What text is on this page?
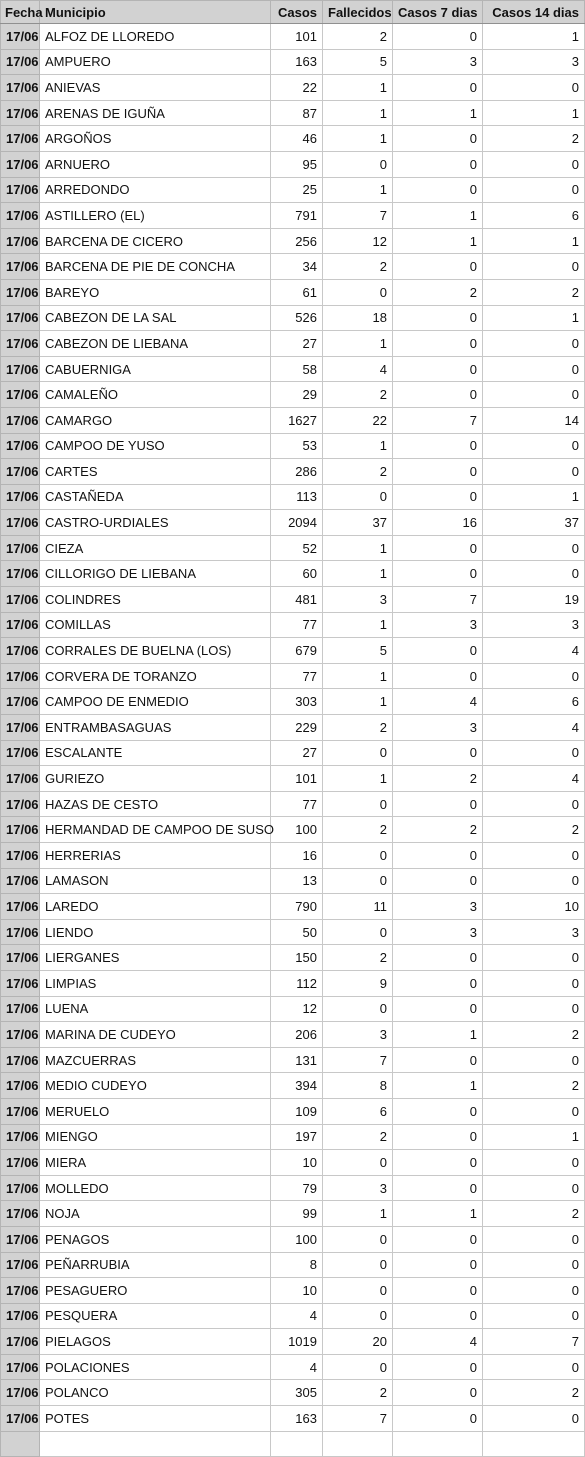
Fecha	Municipio	Casos	Fallecidos	Casos 7 dias	Casos 14 dias
17/06	ALFOZ DE LLOREDO	101	2	0	1
17/06	AMPUERO	163	5	3	3
17/06	ANIEVAS	22	1	0	0
17/06	ARENAS DE IGUÑA	87	1	1	1
17/06	ARGOÑOS	46	1	0	2
17/06	ARNUERO	95	0	0	0
17/06	ARREDONDO	25	1	0	0
17/06	ASTILLERO (EL)	791	7	1	6
17/06	BARCENA DE CICERO	256	12	1	1
17/06	BARCENA DE PIE DE CONCHA	34	2	0	0
17/06	BAREYO	61	0	2	2
17/06	CABEZON DE LA SAL	526	18	0	1
17/06	CABEZON DE LIEBANA	27	1	0	0
17/06	CABUERNIGA	58	4	0	0
17/06	CAMALEÑO	29	2	0	0
17/06	CAMARGO	1627	22	7	14
17/06	CAMPOO DE YUSO	53	1	0	0
17/06	CARTES	286	2	0	0
17/06	CASTAÑEDA	113	0	0	1
17/06	CASTRO-URDIALES	2094	37	16	37
17/06	CIEZA	52	1	0	0
17/06	CILLORIGO DE LIEBANA	60	1	0	0
17/06	COLINDRES	481	3	7	19
17/06	COMILLAS	77	1	3	3
17/06	CORRALES DE BUELNA (LOS)	679	5	0	4
17/06	CORVERA DE TORANZO	77	1	0	0
17/06	CAMPOO DE ENMEDIO	303	1	4	6
17/06	ENTRAMBASAGUAS	229	2	3	4
17/06	ESCALANTE	27	0	0	0
17/06	GURIEZO	101	1	2	4
17/06	HAZAS DE CESTO	77	0	0	0
17/06	HERMANDAD DE CAMPOO DE SUSO	100	2	2	2
17/06	HERRERIAS	16	0	0	0
17/06	LAMASON	13	0	0	0
17/06	LAREDO	790	11	3	10
17/06	LIENDO	50	0	3	3
17/06	LIERGANES	150	2	0	0
17/06	LIMPIAS	112	9	0	0
17/06	LUENA	12	0	0	0
17/06	MARINA DE CUDEYO	206	3	1	2
17/06	MAZCUERRAS	131	7	0	0
17/06	MEDIO CUDEYO	394	8	1	2
17/06	MERUELO	109	6	0	0
17/06	MIENGO	197	2	0	1
17/06	MIERA	10	0	0	0
17/06	MOLLEDO	79	3	0	0
17/06	NOJA	99	1	1	2
17/06	PENAGOS	100	0	0	0
17/06	PEÑARRUBIA	8	0	0	0
17/06	PESAGUERO	10	0	0	0
17/06	PESQUERA	4	0	0	0
17/06	PIELAGOS	1019	20	4	7
17/06	POLACIONES	4	0	0	0
17/06	POLANCO	305	2	0	2
17/06	POTES	163	7	0	0
